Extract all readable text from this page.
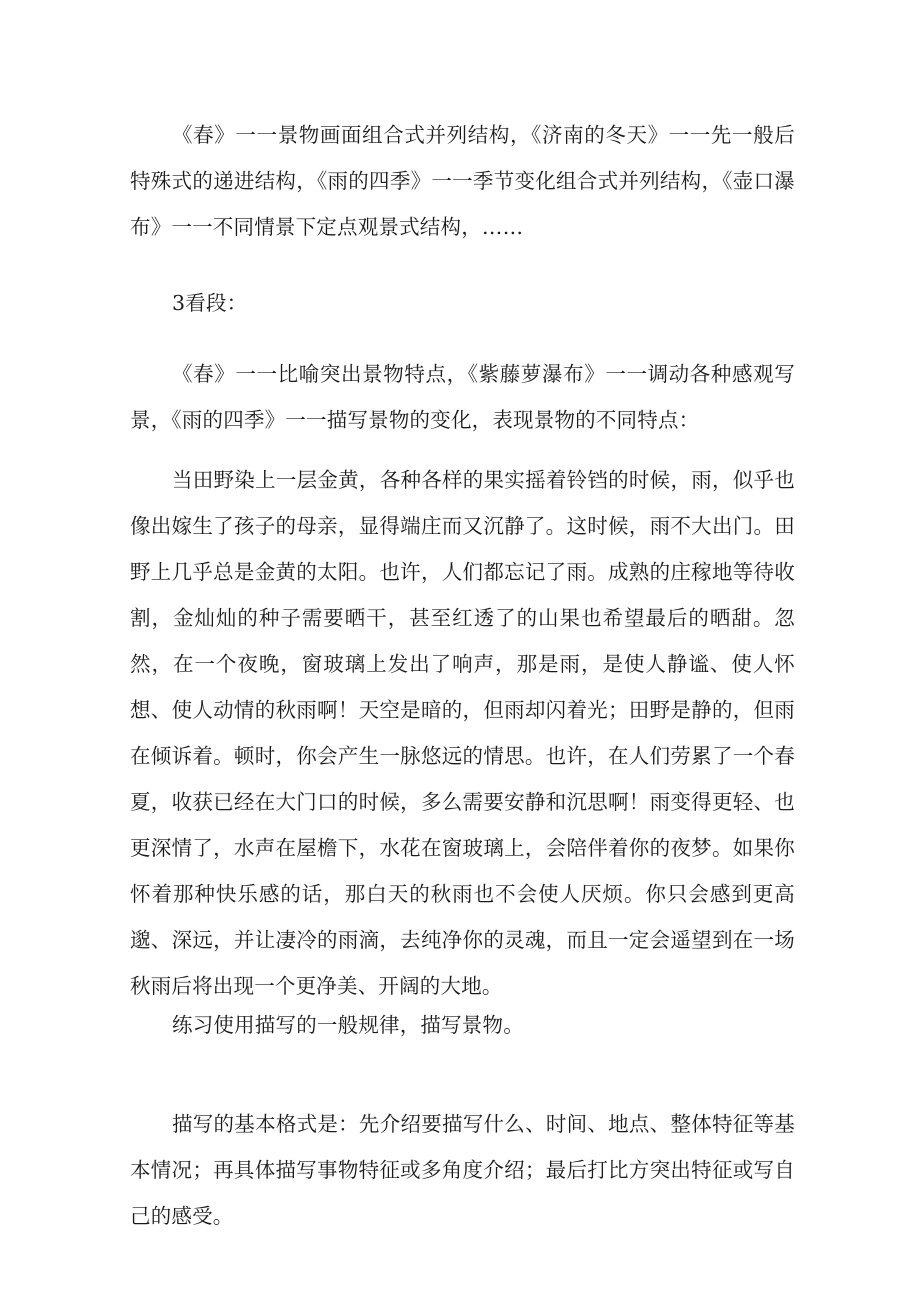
《春》一一景物画面组合式并列结构，《济南的冬天》一一先一般后特殊式的递进结构，《雨的四季》一一季节变化组合式并列结构，《壶口瀑布》一一不同情景下定点观景式结构，……

3看段：

《春》一一比喻突出景物特点，《紫藤萝瀑布》一一调动各种感观写景，《雨的四季》一一描写景物的变化，表现景物的不同特点：

当田野染上一层金黄，各种各样的果实摇着铃铛的时候，雨，似乎也像出嫁生了孩子的母亲，显得端庄而又沉静了。这时候，雨不大出门。田野上几乎总是金黄的太阳。也许，人们都忘记了雨。成熟的庄稼地等待收割，金灿灿的种子需要晒干，甚至红透了的山果也希望最后的晒甜。忽然，在一个夜晚，窗玻璃上发出了响声，那是雨，是使人静谧、使人怀想、使人动情的秋雨啊！天空是暗的，但雨却闪着光；田野是静的，但雨在倾诉着。顿时，你会产生一脉悠远的情思。也许，在人们劳累了一个春夏，收获已经在大门口的时候，多么需要安静和沉思啊！雨变得更轻、也更深情了，水声在屋檐下，水花在窗玻璃上，会陪伴着你的夜梦。如果你怀着那种快乐感的话，那白天的秋雨也不会使人厌烦。你只会感到更高邈、深远，并让凄冷的雨滴，去纯净你的灵魂，而且一定会遥望到在一场秋雨后将出现一个更净美、开阔的大地。

练习使用描写的一般规律，描写景物。

描写的基本格式是：先介绍要描写什么、时间、地点、整体特征等基本情况；再具体描写事物特征或多角度介绍；最后打比方突出特征或写自己的感受。
